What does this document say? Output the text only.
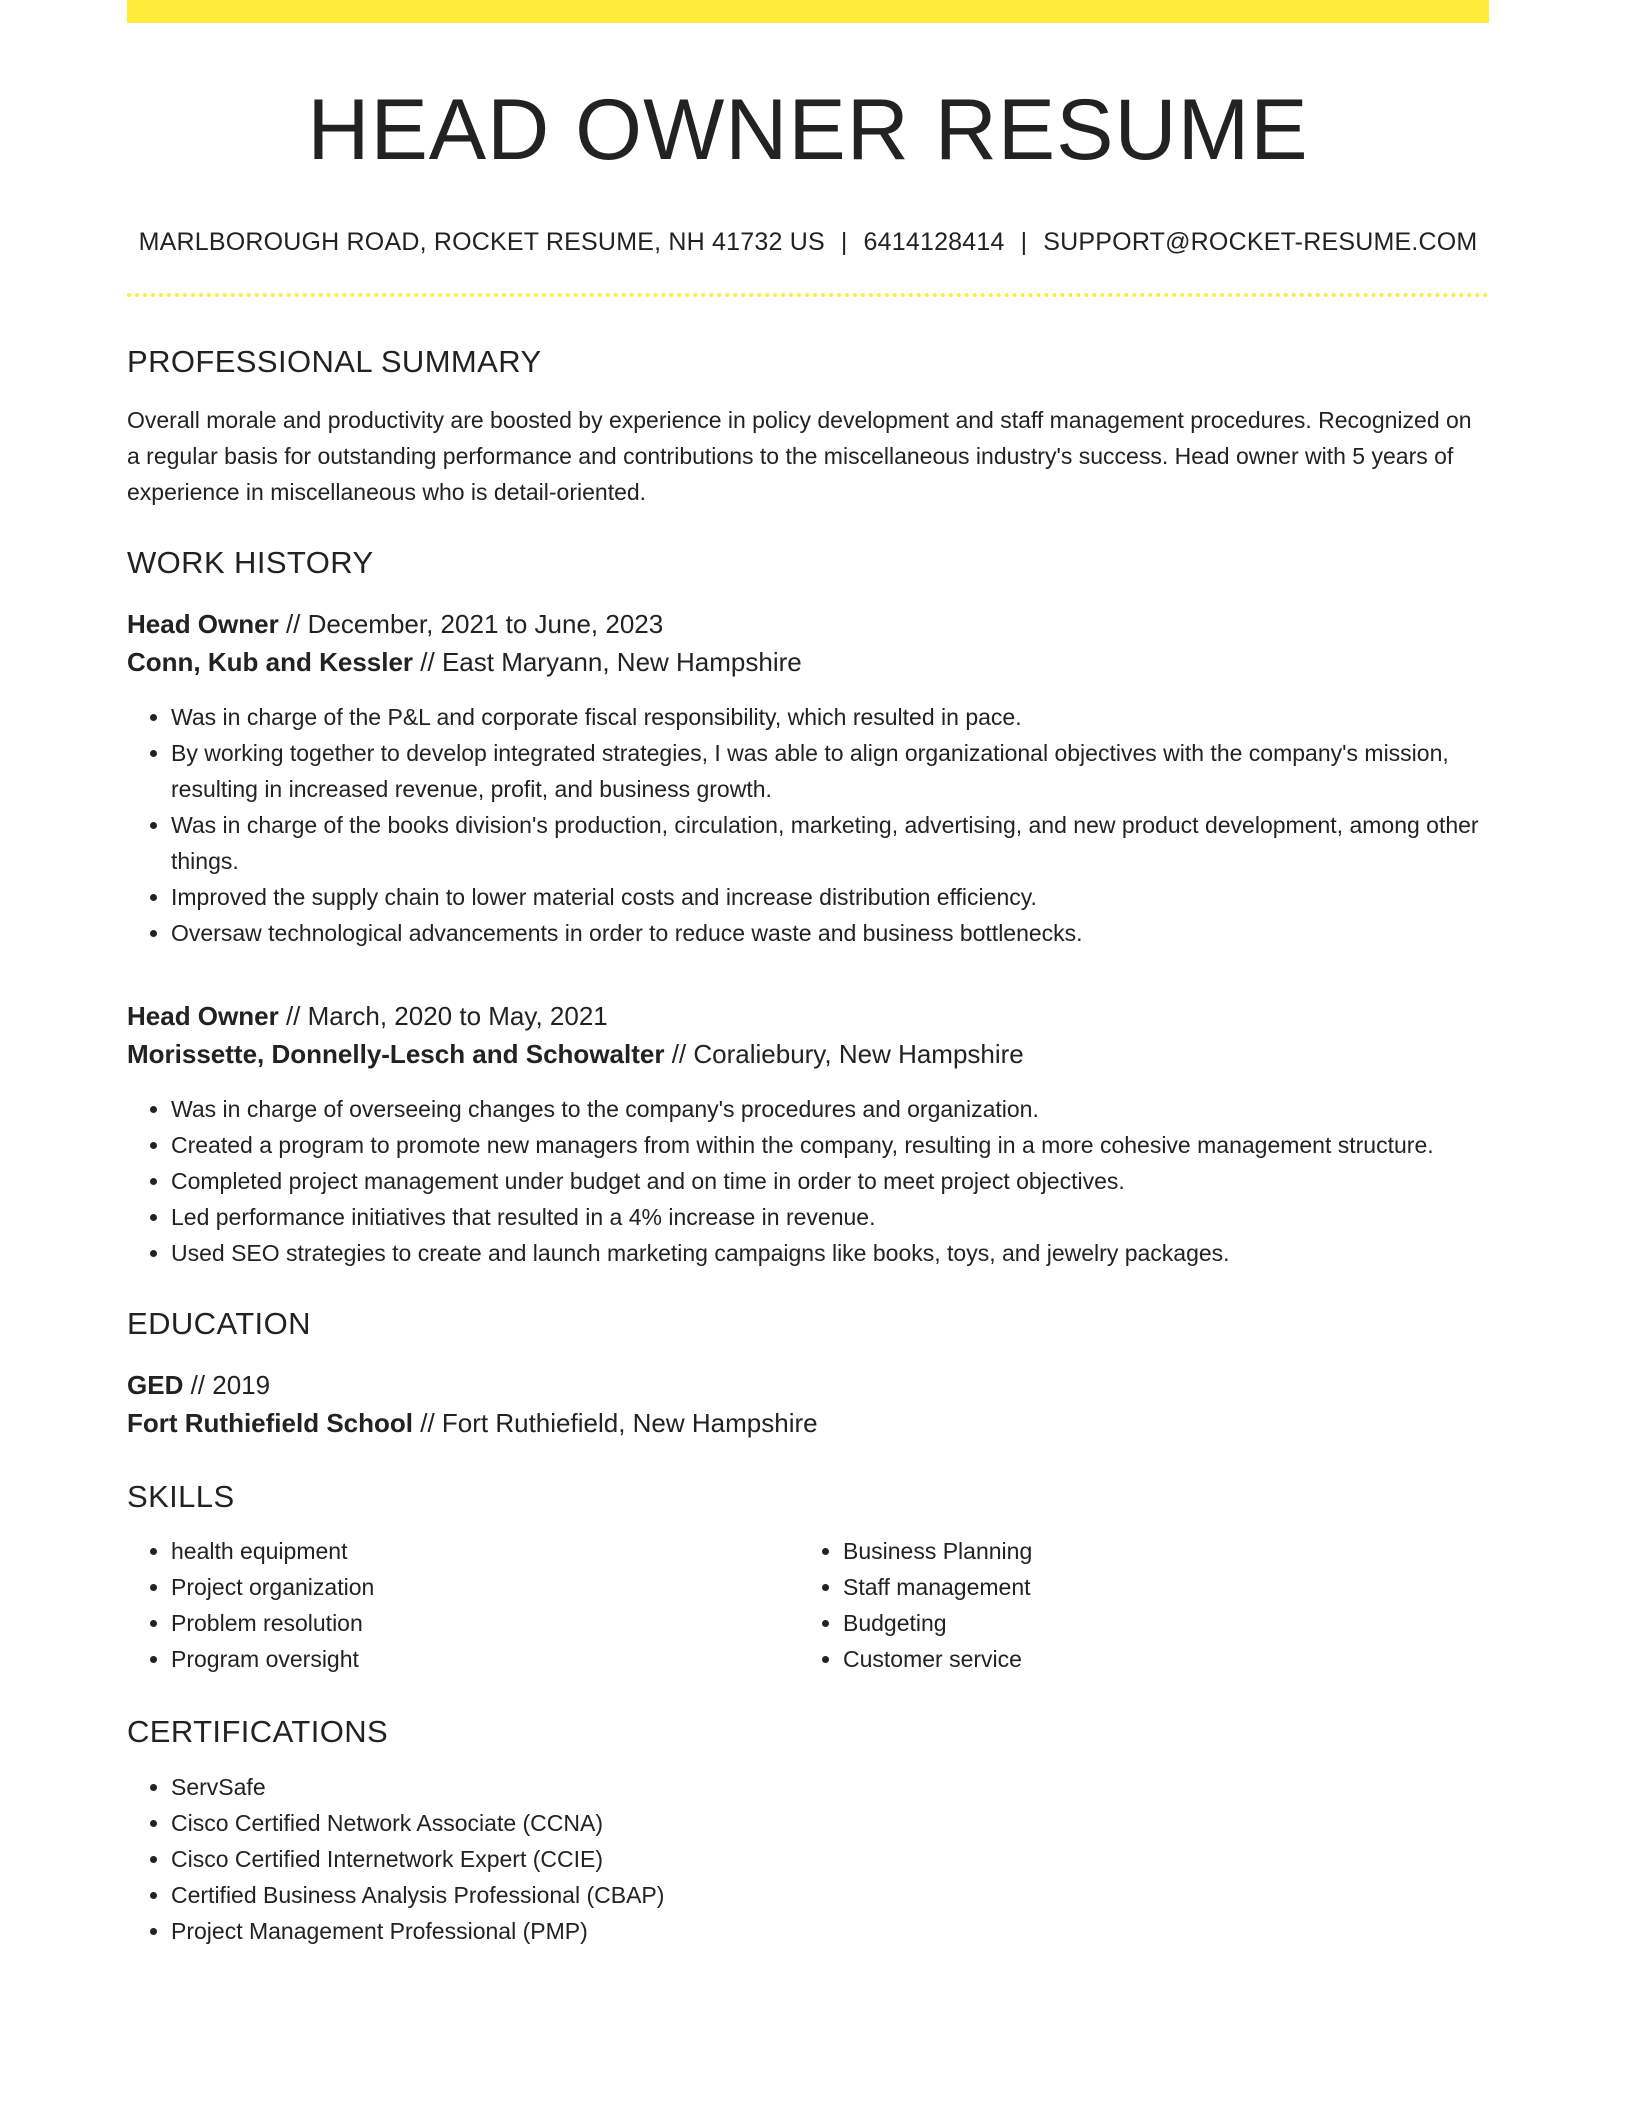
HEAD OWNER RESUME
MARLBOROUGH ROAD, ROCKET RESUME, NH 41732 US | 6414128414 | SUPPORT@ROCKET-RESUME.COM
PROFESSIONAL SUMMARY

Overall morale and productivity are boosted by experience in policy development and staff management procedures. Recognized on a regular basis for outstanding performance and contributions to the miscellaneous industry's success. Head owner with 5 years of experience in miscellaneous who is detail-oriented.

WORK HISTORY
Head Owner // December, 2021 to June, 2023
Conn, Kub and Kessler // East Maryann, New Hampshire
• Was in charge of the P&L and corporate fiscal responsibility, which resulted in pace.
• By working together to develop integrated strategies, I was able to align organizational objectives with the company's mission, resulting in increased revenue, profit, and business growth.
• Was in charge of the books division's production, circulation, marketing, advertising, and new product development, among other things.
• Improved the supply chain to lower material costs and increase distribution efficiency.
• Oversaw technological advancements in order to reduce waste and business bottlenecks.
Head Owner // March, 2020 to May, 2021
Morissette, Donnelly-Lesch and Schowalter // Coraliebury, New Hampshire
• Was in charge of overseeing changes to the company's procedures and organization.
• Created a program to promote new managers from within the company, resulting in a more cohesive management structure.
• Completed project management under budget and on time in order to meet project objectives.
• Led performance initiatives that resulted in a 4% increase in revenue.
• Used SEO strategies to create and launch marketing campaigns like books, toys, and jewelry packages.
EDUCATION
GED // 2019
Fort Ruthiefield School // Fort Ruthiefield, New Hampshire
SKILLS
• health equipment
• Project organization
• Problem resolution
• Program oversight
• Business Planning
• Staff management
• Budgeting
• Customer service
CERTIFICATIONS
• ServSafe
• Cisco Certified Network Associate (CCNA)
• Cisco Certified Internetwork Expert (CCIE)
• Certified Business Analysis Professional (CBAP)
• Project Management Professional (PMP)
